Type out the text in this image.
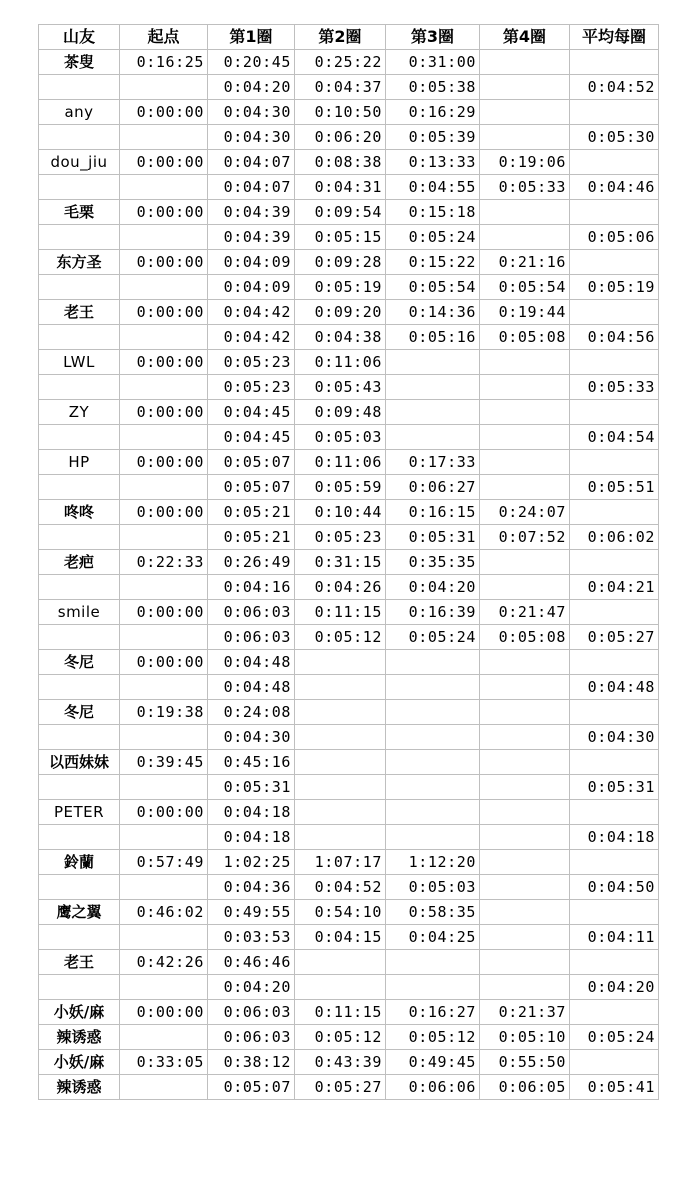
山友	起点	第1圈	第2圈	第3圈	第4圈	平均每圈
茶叟	0:16:25	0:20:45	0:25:22	0:31:00		
		0:04:20	0:04:37	0:05:38		0:04:52
any	0:00:00	0:04:30	0:10:50	0:16:29		
		0:04:30	0:06:20	0:05:39		0:05:30
dou_jiu	0:00:00	0:04:07	0:08:38	0:13:33	0:19:06	
		0:04:07	0:04:31	0:04:55	0:05:33	0:04:46
毛栗	0:00:00	0:04:39	0:09:54	0:15:18		
		0:04:39	0:05:15	0:05:24		0:05:06
东方圣	0:00:00	0:04:09	0:09:28	0:15:22	0:21:16	
		0:04:09	0:05:19	0:05:54	0:05:54	0:05:19
老王	0:00:00	0:04:42	0:09:20	0:14:36	0:19:44	
		0:04:42	0:04:38	0:05:16	0:05:08	0:04:56
LWL	0:00:00	0:05:23	0:11:06			
		0:05:23	0:05:43			0:05:33
ZY	0:00:00	0:04:45	0:09:48			
		0:04:45	0:05:03			0:04:54
HP	0:00:00	0:05:07	0:11:06	0:17:33		
		0:05:07	0:05:59	0:06:27		0:05:51
咚咚	0:00:00	0:05:21	0:10:44	0:16:15	0:24:07	
		0:05:21	0:05:23	0:05:31	0:07:52	0:06:02
老疤	0:22:33	0:26:49	0:31:15	0:35:35		
		0:04:16	0:04:26	0:04:20		0:04:21
smile	0:00:00	0:06:03	0:11:15	0:16:39	0:21:47	
		0:06:03	0:05:12	0:05:24	0:05:08	0:05:27
冬尼	0:00:00	0:04:48				
		0:04:48				0:04:48
冬尼	0:19:38	0:24:08				
		0:04:30				0:04:30
以西妹妹	0:39:45	0:45:16				
		0:05:31				0:05:31
PETER	0:00:00	0:04:18				
		0:04:18				0:04:18
鈴蘭	0:57:49	1:02:25	1:07:17	1:12:20		
		0:04:36	0:04:52	0:05:03		0:04:50
鹰之翼	0:46:02	0:49:55	0:54:10	0:58:35		
		0:03:53	0:04:15	0:04:25		0:04:11
老王	0:42:26	0:46:46				
		0:04:20				0:04:20
小妖/麻	0:00:00	0:06:03	0:11:15	0:16:27	0:21:37	
辣诱惑		0:06:03	0:05:12	0:05:12	0:05:10	0:05:24
小妖/麻	0:33:05	0:38:12	0:43:39	0:49:45	0:55:50	
辣诱惑		0:05:07	0:05:27	0:06:06	0:06:05	0:05:41
